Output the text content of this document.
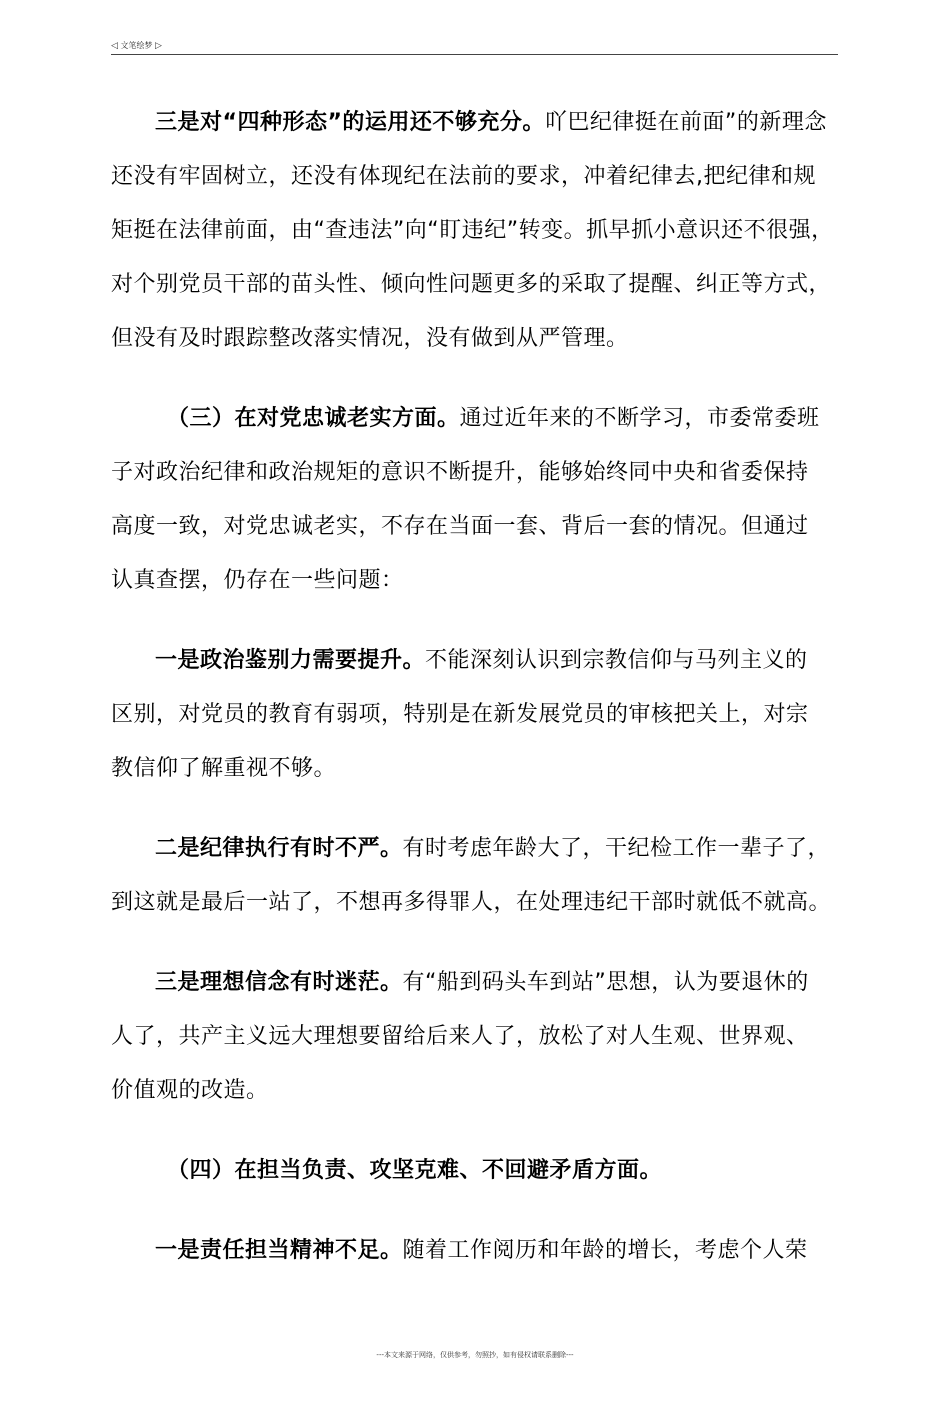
◁ 文笔绘梦 ▷
三是对“四种形态”的运用还不够充分。吖巴纪律挺在前面”的新理念
还没有牢固树立，还没有体现纪在法前的要求，冲着纪律去,把纪律和规
矩挺在法律前面，由“查违法”向“盯违纪”转变。抓早抓小意识还不很强，
对个别党员干部的苗头性、倾向性问题更多的采取了提醒、纠正等方式，
但没有及时跟踪整改落实情况，没有做到从严管理。
（三）在对党忠诚老实方面。通过近年来的不断学习，市委常委班
子对政治纪律和政治规矩的意识不断提升，能够始终同中央和省委保持
高度一致，对党忠诚老实，不存在当面一套、背后一套的情况。但通过
认真查摆，仍存在一些问题：
一是政治鉴别力需要提升。不能深刻认识到宗教信仰与马列主义的
区别，对党员的教育有弱项，特别是在新发展党员的审核把关上，对宗
教信仰了解重视不够。
二是纪律执行有时不严。有时考虑年龄大了，干纪检工作一辈子了，
到这就是最后一站了，不想再多得罪人，在处理违纪干部时就低不就高。
三是理想信念有时迷茫。有“船到码头车到站”思想，认为要退休的
人了，共产主义远大理想要留给后来人了，放松了对人生观、世界观、
价值观的改造。
（四）在担当负责、攻坚克难、不回避矛盾方面。
一是责任担当精神不足。随着工作阅历和年龄的增长，考虑个人荣
---本文来源于网络，仅供参考，勿照抄，如有侵权请联系删除---
